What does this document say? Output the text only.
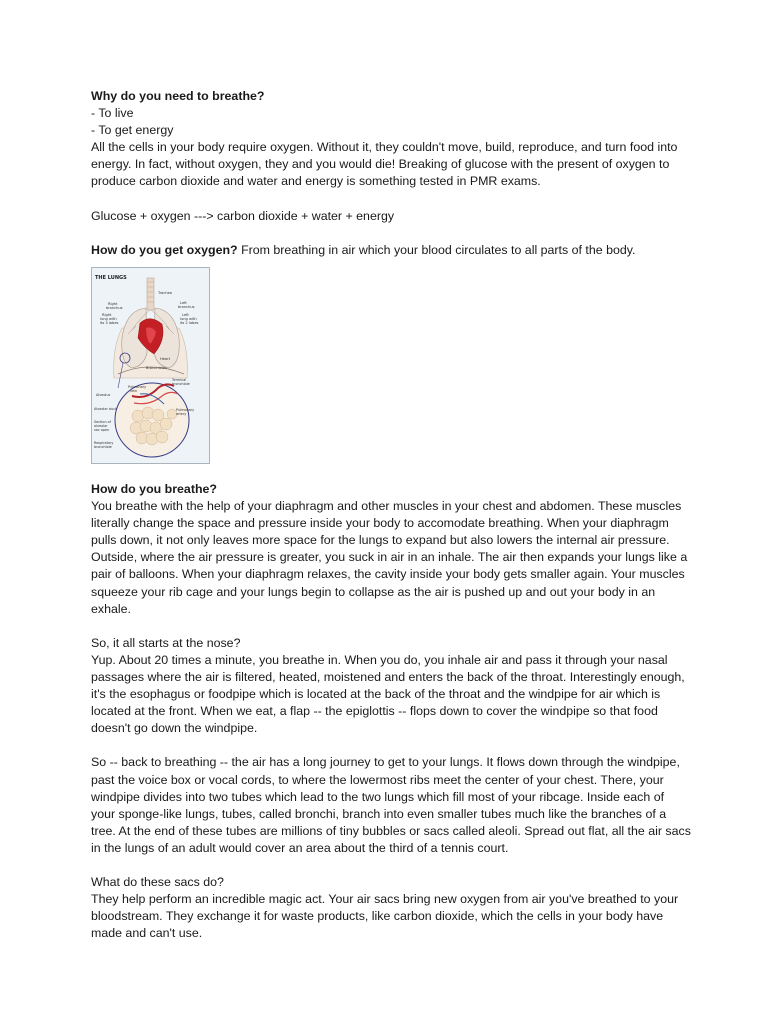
Why do you need to breathe?

- To live

- To get energy

All the cells in your body require oxygen. Without it, they couldn't move, build, reproduce, and turn food into energy. In fact, without oxygen, they and you would die! Breaking of glucose with the present of oxygen to produce carbon dioxide and water and energy is something tested in PMR exams.

Glucose + oxygen ---> carbon dioxide + water + energy

How do you get oxygen? From breathing in air which your blood circulates to all parts of the body.

THE LUNGS
Right
bronchus
Right
lung with
its 3 lobes
Left
bronchus
Left
lung with
its 2 lobes
Trachea
Heart
Bronchioles
Terminal
bronchiole
Pulmonary
vein
Alveolus
Alveolar duct
Section of
alveolar
sac open
Pulmonary
artery
Respiratory
bronchiole

How do you breathe?

You breathe with the help of your diaphragm and other muscles in your chest and abdomen. These muscles literally change the space and pressure inside your body to accomodate breathing. When your diaphragm pulls down, it not only leaves more space for the lungs to expand but also lowers the internal air pressure. Outside, where the air pressure is greater, you suck in air in an inhale. The air then expands your lungs like a pair of balloons. When your diaphragm relaxes, the cavity inside your body gets smaller again. Your muscles squeeze your rib cage and your lungs begin to collapse as the air is pushed up and out your body in an exhale.

So, it all starts at the nose?

Yup. About 20 times a minute, you breathe in. When you do, you inhale air and pass it through your nasal passages where the air is filtered, heated, moistened and enters the back of the throat. Interestingly enough, it's the esophagus or foodpipe which is located at the back of the throat and the windpipe for air which is located at the front. When we eat, a flap -- the epiglottis -- flops down to cover the windpipe so that food doesn't go down the windpipe.

So -- back to breathing -- the air has a long journey to get to your lungs. It flows down through the windpipe, past the voice box or vocal cords, to where the lowermost ribs meet the center of your chest. There, your windpipe divides into two tubes which lead to the two lungs which fill most of your ribcage. Inside each of your sponge-like lungs, tubes, called bronchi, branch into even smaller tubes much like the branches of a tree. At the end of these tubes are millions of tiny bubbles or sacs called aleoli. Spread out flat, all the air sacs in the lungs of an adult would cover an area about the third of a tennis court.

What do these sacs do?

They help perform an incredible magic act. Your air sacs bring new oxygen from air you've breathed to your bloodstream. They exchange it for waste products, like carbon dioxide, which the cells in your body have made and can't use.
